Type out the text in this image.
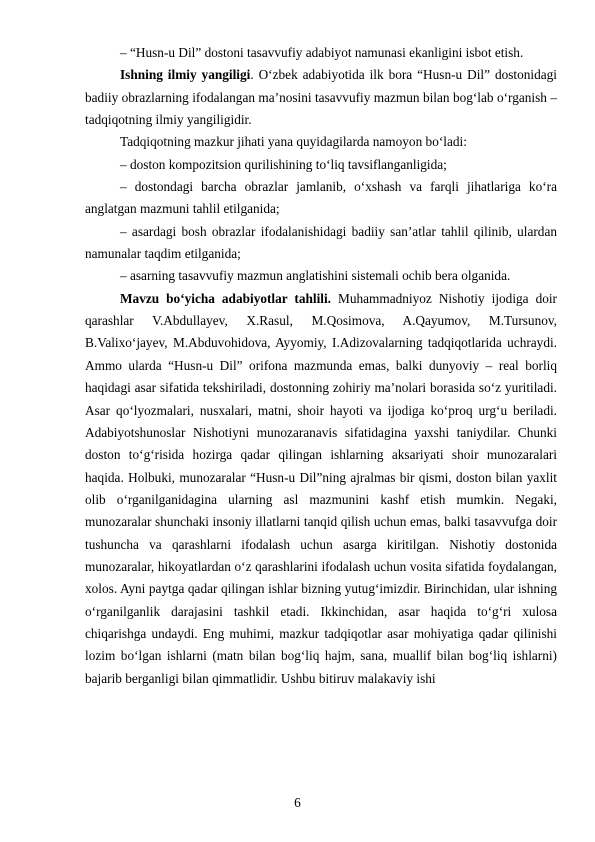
– “Husn-u Dil” dostoni tasavvufiy adabiyot namunasi ekanligini isbot etish.

Ishning ilmiy yangiligi. O‘zbek adabiyotida ilk bora “Husn-u Dil” dostonidagi badiiy obrazlarning ifodalangan ma’nosini tasavvufiy mazmun bilan bog‘lab o‘rganish – tadqiqotning ilmiy yangiligidir.

Tadqiqotning mazkur jihati yana quyidagilarda namoyon bo‘ladi:

– doston kompozitsion qurilishining to‘liq tavsiflanganligida;

– dostondagi barcha obrazlar jamlanib, o‘xshash va farqli jihatlariga ko‘ra anglatgan mazmuni tahlil etilganida;

– asardagi bosh obrazlar ifodalanishidagi badiiy san’atlar tahlil qilinib, ulardan namunalar taqdim etilganida;

– asarning tasavvufiy mazmun anglatishini sistemali ochib bera olganida.

Mavzu bo‘yicha adabiyotlar tahlili. Muhammadniyoz Nishotiy ijodiga doir qarashlar V.Abdullayev, X.Rasul, M.Qosimova, A.Qayumov, M.Tursunov, B.Valixo‘jayev, M.Abduvohidova, Ayyomiy, I.Adizovalarning tadqiqotlarida uchraydi. Ammo ularda “Husn-u Dil” orifona mazmunda emas, balki dunyoviy – real borliq haqidagi asar sifatida tekshiriladi, dostonning zohiriy ma’nolari borasida so‘z yuritiladi. Asar qo‘lyozmalari, nusxalari, matni, shoir hayoti va ijodiga ko‘proq urg‘u beriladi. Adabiyotshunoslar Nishotiyni munozaranavis sifatidagina yaxshi taniydilar. Chunki doston to‘g‘risida hozirga qadar qilingan ishlarning aksariyati shoir munozaralari haqida. Holbuki, munozaralar “Husn-u Dil”ning ajralmas bir qismi, doston bilan yaxlit olib o‘rganilganidagina ularning asl mazmunini kashf etish mumkin. Negaki, munozaralar shunchaki insoniy illatlarni tanqid qilish uchun emas, balki tasavvufga doir tushuncha va qarashlarni ifodalash uchun asarga kiritilgan. Nishotiy dostonida munozaralar, hikoyatlardan o‘z qarashlarini ifodalash uchun vosita sifatida foydalangan, xolos. Ayni paytga qadar qilingan ishlar bizning yutug‘imizdir. Birinchidan, ular ishning o‘rganilganlik darajasini tashkil etadi. Ikkinchidan, asar haqida to‘g‘ri xulosa chiqarishga undaydi. Eng muhimi, mazkur tadqiqotlar asar mohiyatiga qadar qilinishi lozim bo‘lgan ishlarni (matn bilan bog‘liq hajm, sana, muallif bilan bog‘liq ishlarni) bajarib berganligi bilan qimmatlidir. Ushbu bitiruv malakaviy ishi

6
